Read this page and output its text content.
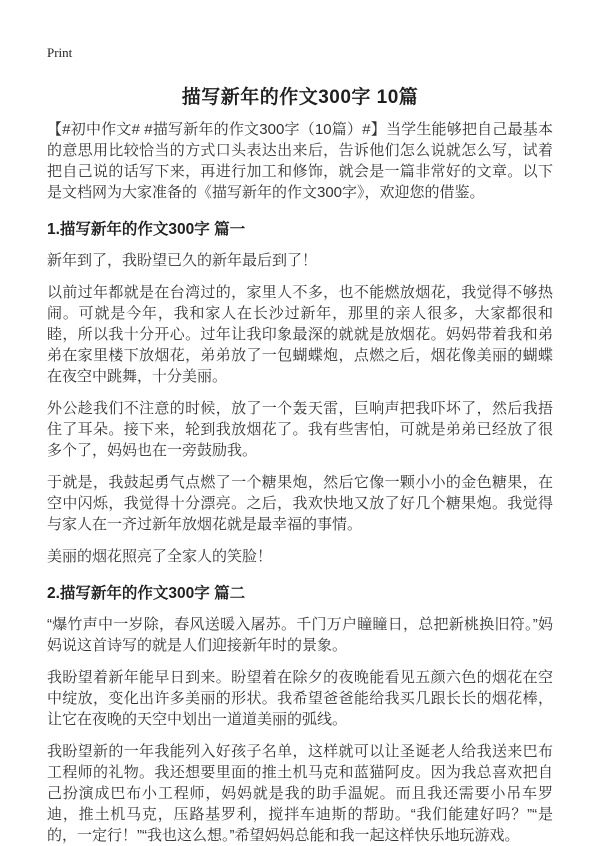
Print
描写新年的作文300字 10篇

【#初中作文# #描写新年的作文300字（10篇）#】当学生能够把自己最基本的意思用比较恰当的方式口头表达出来后，告诉他们怎么说就怎么写，试着把自己说的话写下来，再进行加工和修饰，就会是一篇非常好的文章。以下是文档网为大家准备的《描写新年的作文300字》，欢迎您的借鉴。

1.描写新年的作文300字 篇一

新年到了，我盼望已久的新年最后到了！

以前过年都就是在台湾过的，家里人不多，也不能燃放烟花，我觉得不够热闹。可就是今年，我和家人在长沙过新年，那里的亲人很多，大家都很和睦，所以我十分开心。过年让我印象最深的就就是放烟花。妈妈带着我和弟弟在家里楼下放烟花，弟弟放了一包蝴蝶炮，点燃之后，烟花像美丽的蝴蝶在夜空中跳舞，十分美丽。

外公趁我们不注意的时候，放了一个轰天雷，巨响声把我吓坏了，然后我捂住了耳朵。接下来，轮到我放烟花了。我有些害怕，可就是弟弟已经放了很多个了，妈妈也在一旁鼓励我。

于就是，我鼓起勇气点燃了一个糖果炮，然后它像一颗小小的金色糖果，在空中闪烁，我觉得十分漂亮。之后，我欢快地又放了好几个糖果炮。我觉得与家人在一齐过新年放烟花就是最幸福的事情。

美丽的烟花照亮了全家人的笑脸！

2.描写新年的作文300字 篇二

“爆竹声中一岁除，春风送暖入屠苏。千门万户瞳瞳日，总把新桃换旧符。”妈妈说这首诗写的就是人们迎接新年时的景象。

我盼望着新年能早日到来。盼望着在除夕的夜晚能看见五颜六色的烟花在空中绽放，变化出许多美丽的形状。我希望爸爸能给我买几跟长长的烟花棒，让它在夜晚的天空中划出一道道美丽的弧线。

我盼望新的一年我能列入好孩子名单，这样就可以让圣诞老人给我送来巴布工程师的礼物。我还想要里面的推土机马克和蓝猫阿皮。因为我总喜欢把自己扮演成巴布小工程师，妈妈就是我的助手温妮。而且我还需要小吊车罗迪，推土机马克，压路基罗利，搅拌车迪斯的帮助。“我们能建好吗？”“是的，一定行！”“我也这么想。”希望妈妈总能和我一起这样快乐地玩游戏。
